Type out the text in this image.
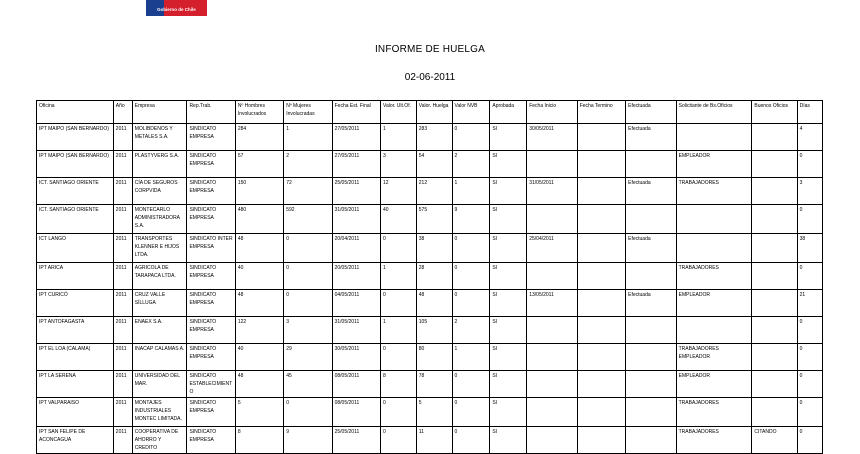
Gobierno de Chile
INFORME DE HUELGA
02-06-2011
Oficina	Año	Empresa	Rep.Trab.	Nº Hombres Involucrados	Nº Mujeres Involucradas	Fecha Est. Final	Valor. Ult.Of.	Valor. Huelga	Valor NVB	Aprobada	Fecha Inicio	Fecha Termino	Efectuada	Solicitante de Bs.Oficios	Buenos Oficios	Días
IPT MAIPO (SAN BERNARDO)	2011	MOLIBDENOS Y METALES S.A.	SINDICATO EMPRESA	284	1	27/05/2011	1	283	0	SI	30/05/2011		Efectuada			4
IPT MAIPO (SAN BERNARDO)	2011	PLASTYVERG S.A.	SINDICATO EMPRESA	57	2	27/05/2011	3	54	2	SI				EMPLEADOR		0
ICT. SANTIAGO ORIENTE	2011	CÍA DE SEGUROS CORPVIDA	SINDICATO EMPRESA	150	72	25/05/2011	12	212	1	SI	31/05/2011		Efectuada	TRABAJADORES		3
ICT. SANTIAGO ORIENTE	2011	MONTECARLO ADMINISTRADORA S.A.	SINDICATO EMPRESA	480	592	31/05/2011	40	575	9	SI						0
ICT LANGO	2011	TRANSPORTES KLENNER E HIJOS LTDA.	SINDICATO INTER EMPRESA	48	0	20/04/2011	0	38	0	SI	25/04/2011		Efectuada			38
IPT ARICA	2011	AGRICOLA DE TARAPACA LTDA.	SINDICATO EMPRESA	40	0	20/05/2011	1	28	0	SI				TRABAJADORES		0
IPT CURICÓ	2011	CRUZ VALLE SÍLLUGA	SINDICATO EMPRESA	48	0	04/05/2011	0	48	0	SI	13/05/2011		Efectuada	EMPLEADOR		21
IPT ANTOFAGASTA	2011	ENAEX S.A.	SINDICATO EMPRESA	122	3	31/05/2011	1	105	2	SI						0
IPT EL LOA (CALAMA)	2011	INACAP CALAMAS A.	SINDICATO EMPRESA	40	29	30/05/2011	0	80	1	SI				TRABAJADORES EMPLEADOR		0
IPT LA SERENA	2011	UNIVERSIDAD DEL MAR.	SINDICATO ESTABLECIMIENTO	48	45	08/05/2011	8	78	0	SI				EMPLEADOR		0
IPT VALPARAISO	2011	MONTAJES INDUSTRIALES MONTEC LIMITADA.	SINDICATO EMPRESA	5	0	08/05/2011	0	5	0	SI				TRABAJADORES		0
IPT SAN FELIPE DE ACONCAGUA	2011	COOPERATIVA DE AHORRO Y CREDITO	SINDICATO EMPRESA	8	9	25/05/2011	0	11	0	SI				TRABAJADORES	CITANDO	0
